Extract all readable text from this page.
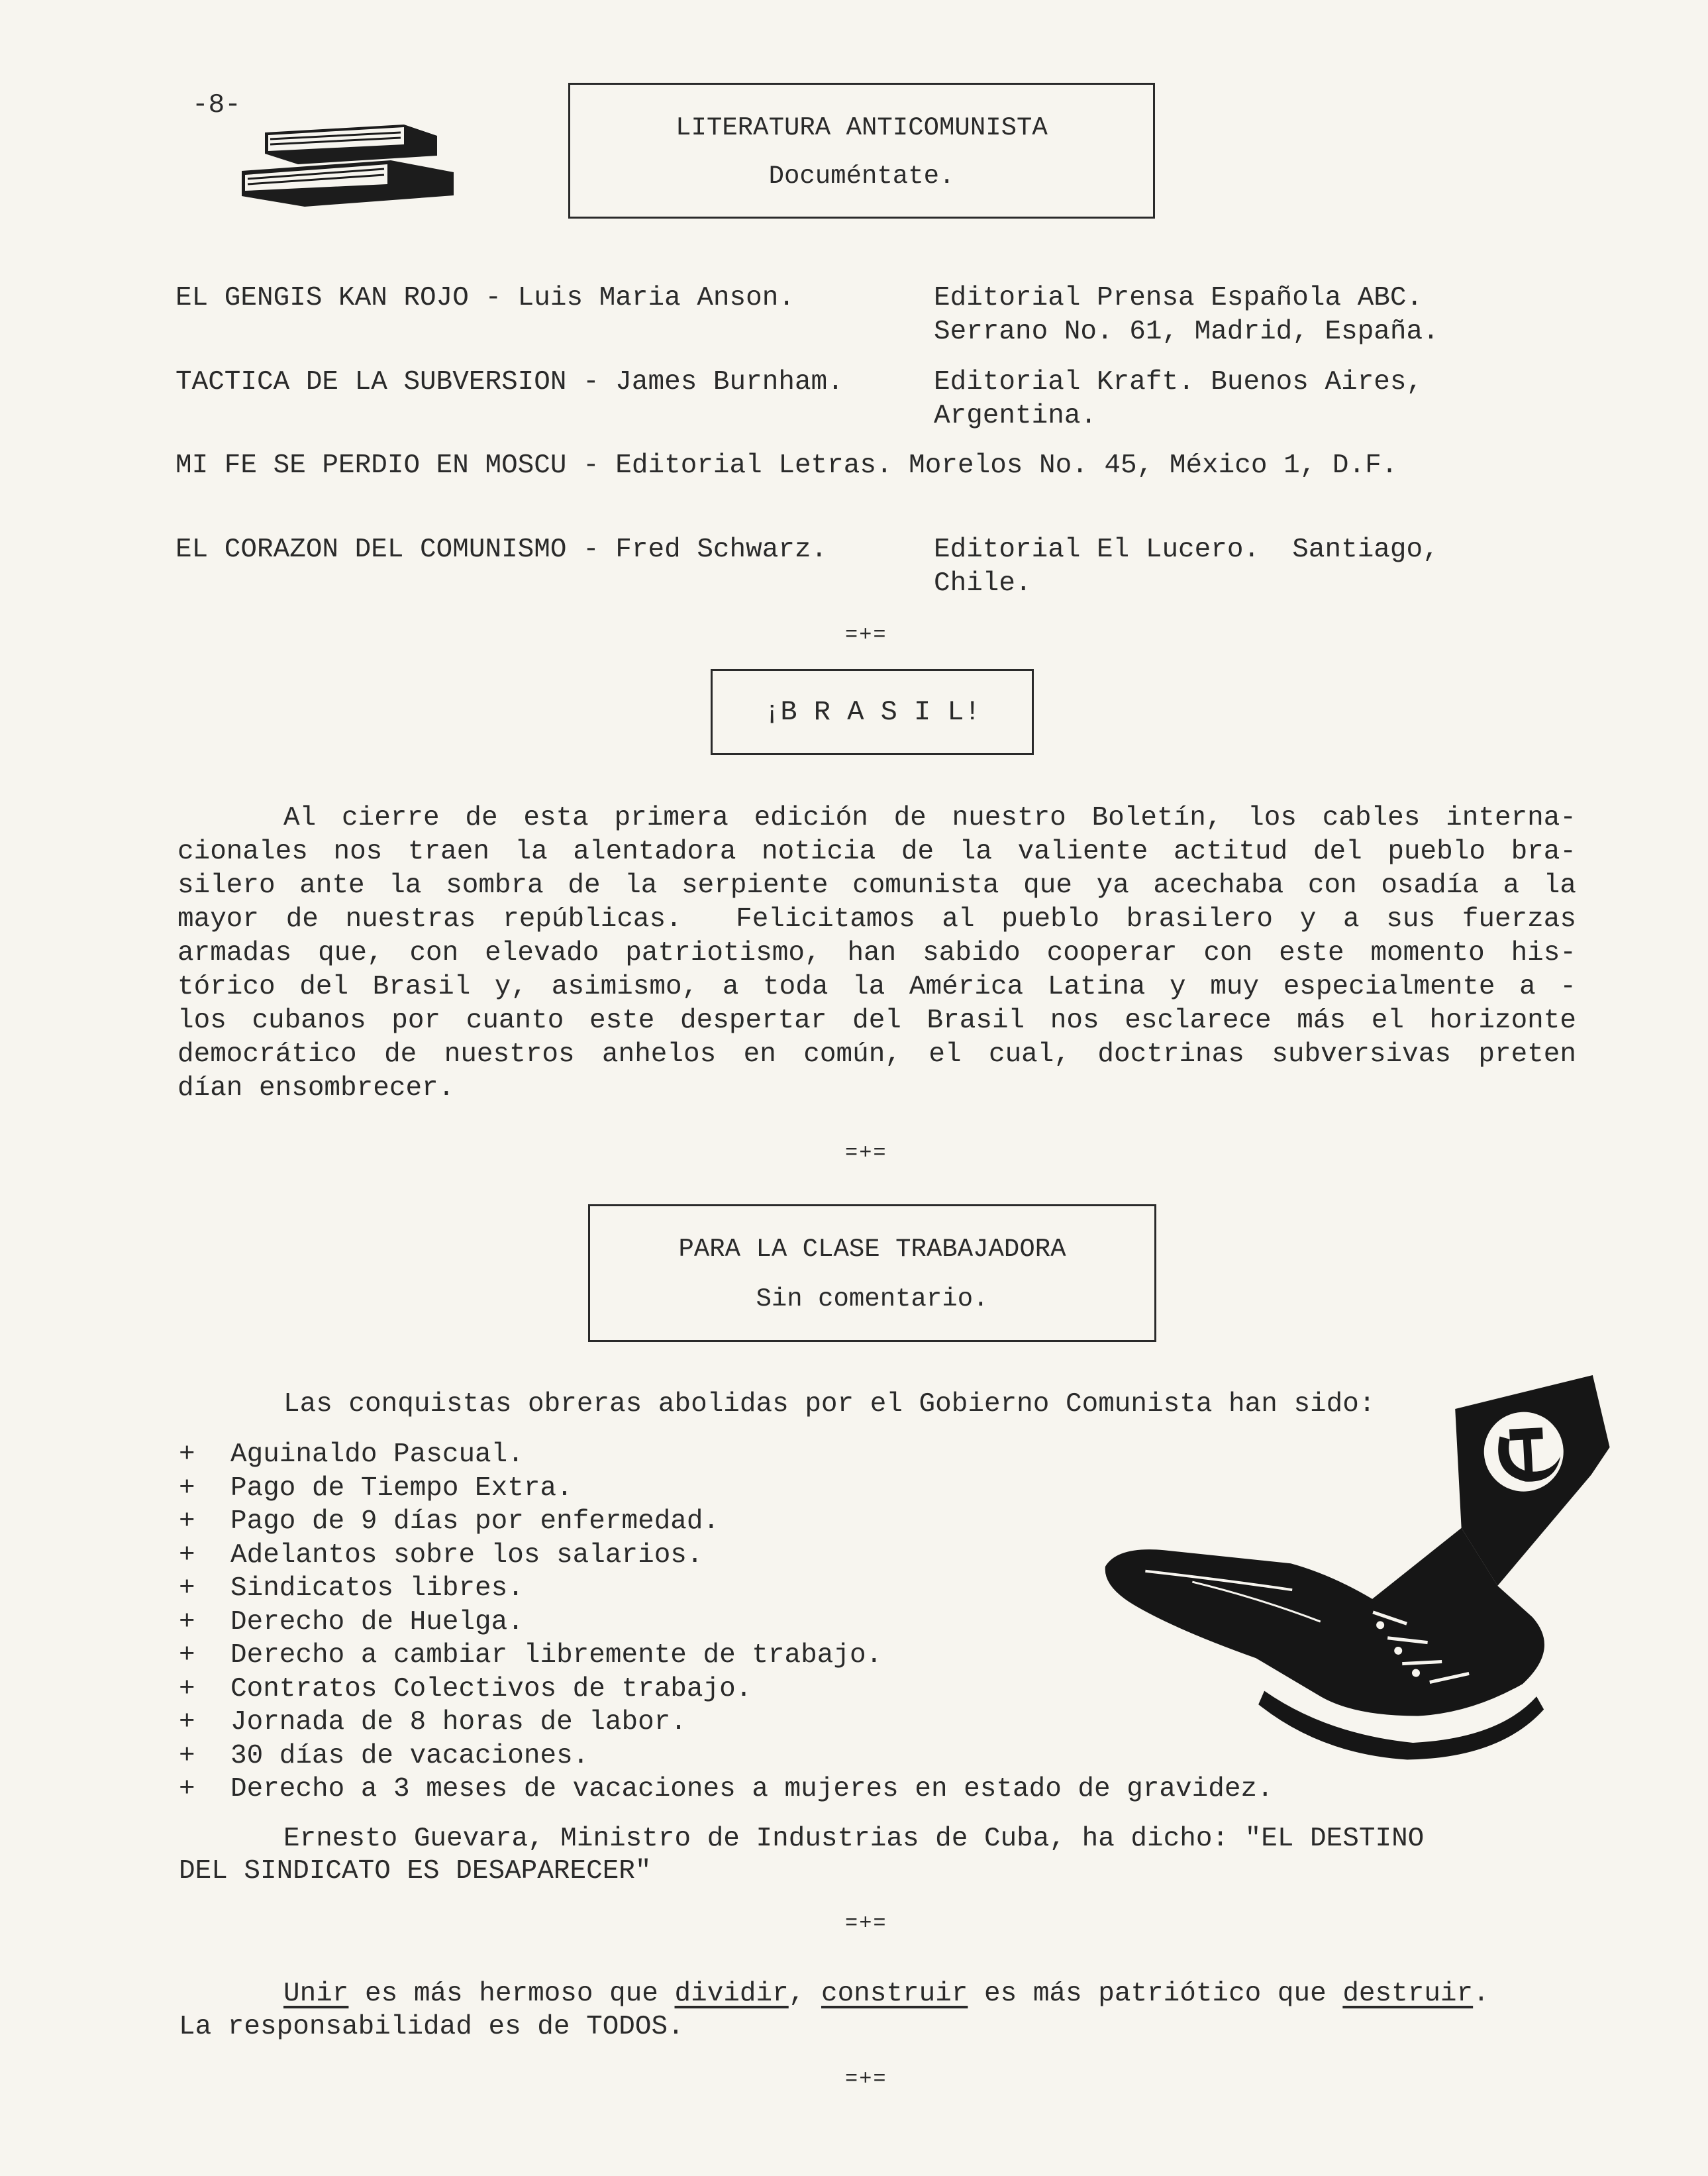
-8-
LITERATURA ANTICOMUNISTA
Documéntate.
EL GENGIS KAN ROJO - Luis Maria Anson.	Editorial Prensa Española ABC.
Serrano No. 61, Madrid, España.
TACTICA DE LA SUBVERSION - James Burnham.	Editorial Kraft. Buenos Aires,
Argentina.
MI FE SE PERDIO EN MOSCU - Editorial Letras. Morelos No. 45, México 1, D.F.
EL CORAZON DEL COMUNISMO - Fred Schwarz.	Editorial El Lucero.  Santiago,
Chile.
=+=
¡B R A S I L!
Al cierre de esta primera edición de nuestro Boletín, los cables interna-
cionales nos traen la alentadora noticia de la valiente actitud del pueblo bra-
silero ante la sombra de la serpiente comunista que ya acechaba con osadía a la
mayor de nuestras repúblicas.  Felicitamos al pueblo brasilero y a sus fuerzas
armadas que, con elevado patriotismo, han sabido cooperar con este momento his-
tórico del Brasil y, asimismo, a toda la América Latina y muy especialmente a -
los cubanos por cuanto este despertar del Brasil nos esclarece más el horizonte
democrático de nuestros anhelos en común, el cual, doctrinas subversivas preten
dían ensombrecer.
=+=
PARA LA CLASE TRABAJADORA
Sin comentario.
Las conquistas obreras abolidas por el Gobierno Comunista han sido:
+	Aguinaldo Pascual.
+	Pago de Tiempo Extra.
+	Pago de 9 días por enfermedad.
+	Adelantos sobre los salarios.
+	Sindicatos libres.
+	Derecho de Huelga.
+	Derecho a cambiar libremente de trabajo.
+	Contratos Colectivos de trabajo.
+	Jornada de 8 horas de labor.
+	30 días de vacaciones.
+	Derecho a 3 meses de vacaciones a mujeres en estado de gravidez.
Ernesto Guevara, Ministro de Industrias de Cuba, ha dicho: "EL DESTINO
DEL SINDICATO ES DESAPARECER"
=+=
Unir es más hermoso que dividir, construir es más patriótico que destruir.
La responsabilidad es de TODOS.
=+=
